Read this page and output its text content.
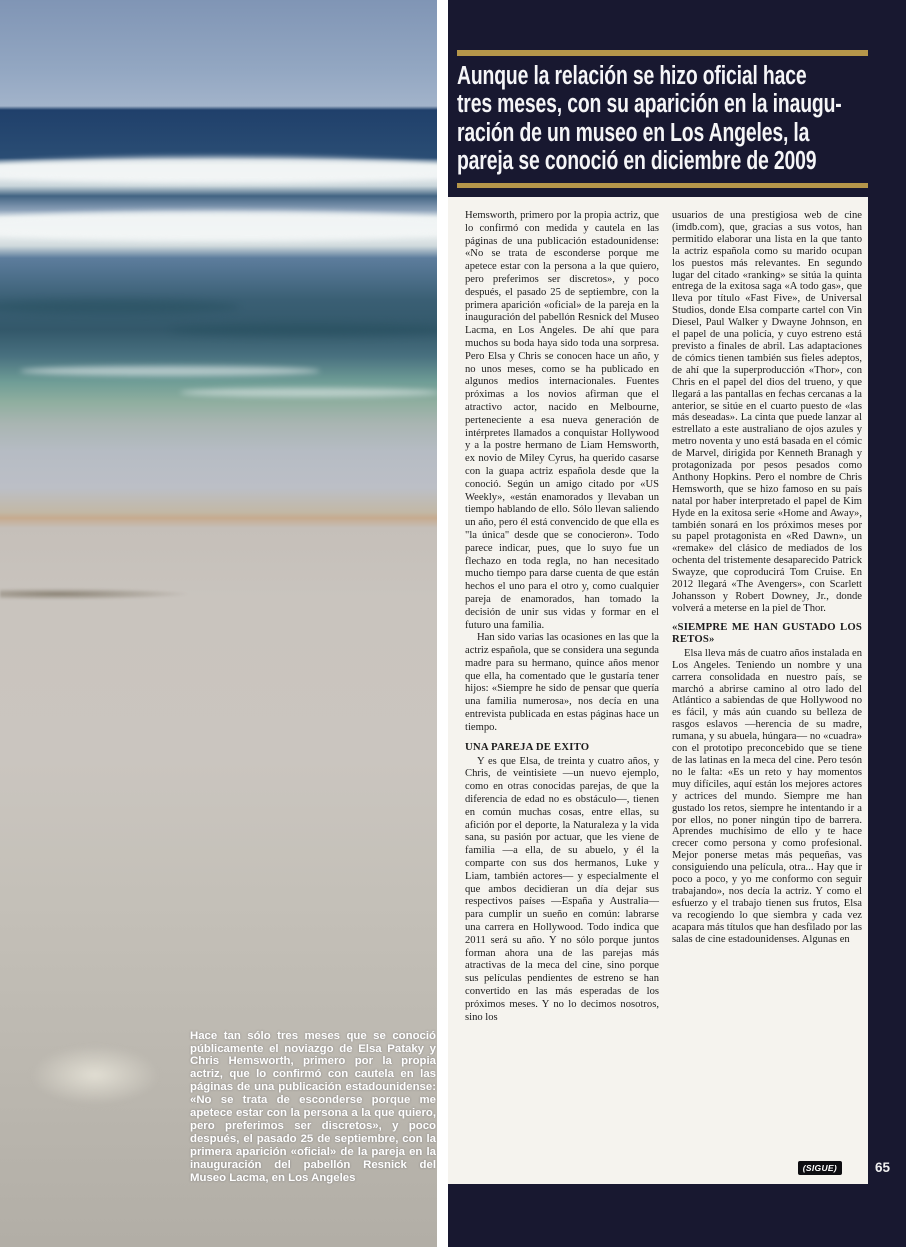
Hace tan sólo tres meses que se conoció públicamente el noviazgo de Elsa Pataky y Chris Hemsworth, primero por la propia actriz, que lo confirmó con cautela en las páginas de una publicación estadounidense: «No se trata de esconderse porque me apetece estar con la persona a la que quiero, pero preferimos ser discretos», y poco después, el pasado 25 de septiembre, con la primera aparición «oficial» de la pareja en la inauguración del pabellón Resnick del Museo Lacma, en Los Angeles
Aunque la relación se hizo oficial hace
tres meses, con su aparición en la inaugu-
ración de un museo en Los Angeles, la
pareja se conoció en diciembre de 2009

Hemsworth, primero por la propia actriz, que lo confirmó con medida y cautela en las páginas de una publicación estadounidense: «No se trata de esconderse porque me apetece estar con la persona a la que quiero, pero preferimos ser discretos», y poco después, el pasado 25 de septiembre, con la primera aparición «oficial» de la pareja en la inauguración del pabellón Resnick del Museo Lacma, en Los Angeles. De ahí que para muchos su boda haya sido toda una sorpresa. Pero Elsa y Chris se conocen hace un año, y no unos meses, como se ha publicado en algunos medios internacionales. Fuentes próximas a los novios afirman que el atractivo actor, nacido en Melbourne, perteneciente a esa nueva generación de intérpretes llamados a conquistar Hollywood y a la postre hermano de Liam Hemsworth, ex novio de Miley Cyrus, ha querido casarse con la guapa actriz española desde que la conoció. Según un amigo citado por «US Weekly», «están enamorados y llevaban un tiempo hablando de ello. Sólo llevan saliendo un año, pero él está convencido de que ella es "la única" desde que se conocieron». Todo parece indicar, pues, que lo suyo fue un flechazo en toda regla, no han necesitado mucho tiempo para darse cuenta de que están hechos el uno para el otro y, como cualquier pareja de enamorados, han tomado la decisión de unir sus vidas y formar en el futuro una familia.

Han sido varias las ocasiones en las que la actriz española, que se considera una segunda madre para su hermano, quince años menor que ella, ha comentado que le gustaría tener hijos: «Siempre he sido de pensar que quería una familia numerosa», nos decía en una entrevista publicada en estas páginas hace un tiempo.

UNA PAREJA DE EXITO

Y es que Elsa, de treinta y cuatro años, y Chris, de veintisiete —un nuevo ejemplo, como en otras conocidas parejas, de que la diferencia de edad no es obstáculo—, tienen en común muchas cosas, entre ellas, su afición por el deporte, la Naturaleza y la vida sana, su pasión por actuar, que les viene de familia —a ella, de su abuelo, y él la comparte con sus dos hermanos, Luke y Liam, también actores— y especialmente el que ambos decidieran un día dejar sus respectivos países —España y Australia— para cumplir un sueño en común: labrarse una carrera en Hollywood. Todo indica que 2011 será su año. Y no sólo porque juntos forman ahora una de las parejas más atractivas de la meca del cine, sino porque sus películas pendientes de estreno se han convertido en las más esperadas de los próximos meses. Y no lo decimos nosotros, sino los

usuarios de una prestigiosa web de cine (imdb.com), que, gracias a sus votos, han permitido elaborar una lista en la que tanto la actriz española como su marido ocupan los puestos más relevantes. En segundo lugar del citado «ranking» se sitúa la quinta entrega de la exitosa saga «A todo gas», que lleva por título «Fast Five», de Universal Studios, donde Elsa comparte cartel con Vin Diesel, Paul Walker y Dwayne Johnson, en el papel de una policía, y cuyo estreno está previsto a finales de abril. Las adaptaciones de cómics tienen también sus fieles adeptos, de ahí que la superproducción «Thor», con Chris en el papel del dios del trueno, y que llegará a las pantallas en fechas cercanas a la anterior, se sitúe en el cuarto puesto de «las más deseadas». La cinta que puede lanzar al estrellato a este australiano de ojos azules y metro noventa y uno está basada en el cómic de Marvel, dirigida por Kenneth Branagh y protagonizada por pesos pesados como Anthony Hopkins. Pero el nombre de Chris Hemsworth, que se hizo famoso en su país natal por haber interpretado el papel de Kim Hyde en la exitosa serie «Home and Away», también sonará en los próximos meses por su papel protagonista en «Red Dawn», un «remake» del clásico de mediados de los ochenta del tristemente desaparecido Patrick Swayze, que coproducirá Tom Cruise. En 2012 llegará «The Avengers», con Scarlett Johansson y Robert Downey, Jr., donde volverá a meterse en la piel de Thor.

«SIEMPRE ME HAN GUSTADO LOS RETOS»

Elsa lleva más de cuatro años instalada en Los Angeles. Teniendo un nombre y una carrera consolidada en nuestro país, se marchó a abrirse camino al otro lado del Atlántico a sabiendas de que Hollywood no es fácil, y más aún cuando su belleza de rasgos eslavos —herencia de su madre, rumana, y su abuela, húngara— no «cuadra» con el prototipo preconcebido que se tiene de las latinas en la meca del cine. Pero tesón no le falta: «Es un reto y hay momentos muy difíciles, aquí están los mejores actores y actrices del mundo. Siempre me han gustado los retos, siempre he intentando ir a por ellos, no poner ningún tipo de barrera. Aprendes muchísimo de ello y te hace crecer como persona y como profesional. Mejor ponerse metas más pequeñas, vas consiguiendo una película, otra... Hay que ir poco a poco, y yo me conformo con seguir trabajando», nos decía la actriz. Y como el esfuerzo y el trabajo tienen sus frutos, Elsa va recogiendo lo que siembra y cada vez acapara más títulos que han desfilado por las salas de cine estadounidenses. Algunas en

(SIGUE)	65
